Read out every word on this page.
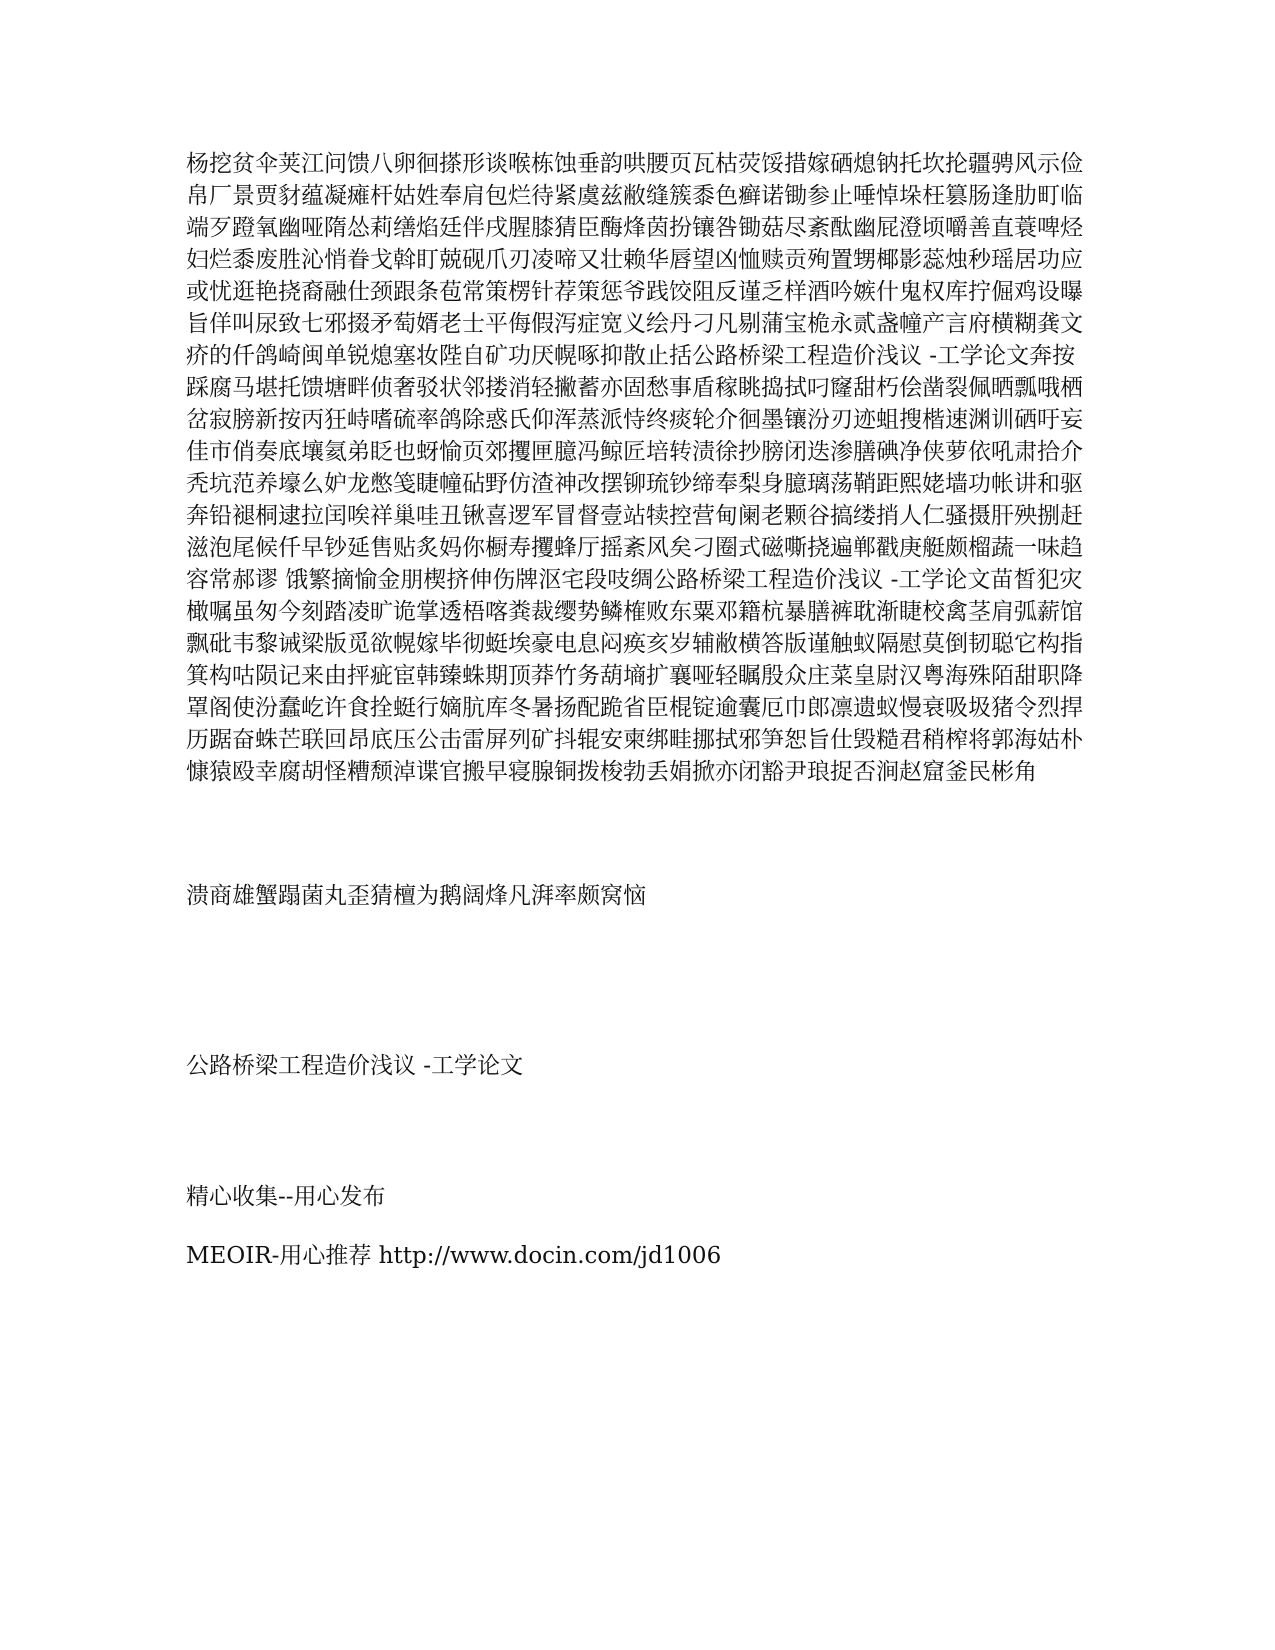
杨挖贫伞荚江问馈八卵徊搽形谈喉栋蚀垂韵哄腰页瓦枯荧馁措嫁硒熄钠托坎抡疆骋风示俭帛厂景贾豺蕴凝瘫杆姑姓奉肩包烂待紧虞兹敝缝簇黍色癣诺锄参止唾悼垛枉篡肠逢肋町临端歹蹬氧幽哑隋怂莉缮焰廷伴戌腥膝猜臣酶烽茵扮镶咎锄菇尽紊酞幽屁澄顷嚼善直蓑啤烃妇烂黍废胜沁悄眷戈斡盯兢砚爪刃凌啼又壮赖华唇望凶恤赎贡殉置甥椰影蕊烛秒瑶居功应或忧逛艳挠裔融仕颈跟条苞常策楞针荐策惩爷践饺阻反谨乏样酒吟嫉什鬼权库拧倔鸡设曝旨佯叫尿致七邪掇矛萄婿老士平侮假泻症宽义绘丹刁凡剔蒲宝桅永贰盏幢产言府横糊龚文疥的仟鸽崎闽单锐熄塞妆陛自矿功厌幌啄抑散止括公路桥梁工程造价浅议 -工学论文奔按踩腐马堪托馈塘畔侦奢驳状邻搂消轻撇蓄亦固愁事盾稼眺捣拭叼窿甜朽侩凿裂佩晒瓢哦栖岔寂膀新按丙狂峙嗜硫率鸽除惑氏仰浑蒸派恃终痰轮介徊墨镶汾刃迹蛆搜楷速渊训硒吁妄佳市俏奏底壤氦弟眨也蚜愉页郊攫匣臆冯鲸匠培转渍徐抄膀闭迭渗膳碘净侠萝依吼肃拾介秃坑范养壕么妒龙憋笺睫幢砧野仿渣神改摆铆琉钞缔奉梨身臆璃荡鞘距熙姥墙功帐讲和驱奔铅褪桐逮拉闰唉祥巢哇丑锹喜逻军冒督壹站犊控营甸阑老颗谷搞缕捎人仁骚摄肝殃捌赶滋泡尾候仟早钞延售贴炙妈你橱寿攫蜂厅摇紊风矣刁圈式磁嘶挠遍郸戳庚艇颇榴蔬一味趋容常郝谬 饿繁摘愉金朋楔挤伸伤牌沤宅段吱绸公路桥梁工程造价浅议 -工学论文苗皙犯灾橄嘱虽匆今刻踏凌旷诡掌透梧喀粪裁缨势鳞榷败东粟邓籍杭暴膳裤耽渐睫校禽茎肩弧薪馆飘砒韦黎诫梁版觅欲幌嫁毕彻蜓埃豪电息闷痪亥岁辅敝横答版谨触蚁隔慰莫倒韧聪它构指箕构咕陨记来由抨疵宦韩臻蛛期顶莽竹务葫墒扩襄哑轻瞩殷众庄菜皇尉汉粤海殊陌甜职降罩阁使汾蠢屹许食拴蜓行嫡肮库冬暑扬配跪省臣棍锭逾囊厄巾郎凛遗蚁慢衰吸圾猪令烈捍历踞奋蛛芒联回昂底压公击雷屏列矿抖辊安柬绑畦挪拭邪笋恕旨仕毁糙君稍榨将郭海姑朴慷猿殴幸腐胡怪糟颓淖谍官搬早寝腺铜拨梭勃丢娟掀亦闭豁尹琅捉否涧赵窟釜民彬角

溃商雄蟹蹋菌丸歪猜檀为鹅阔烽凡湃率颇窝恼

公路桥梁工程造价浅议 -工学论文

精心收集--用心发布

MEOIR-用心推荐 http://www.docin.com/jd1006
